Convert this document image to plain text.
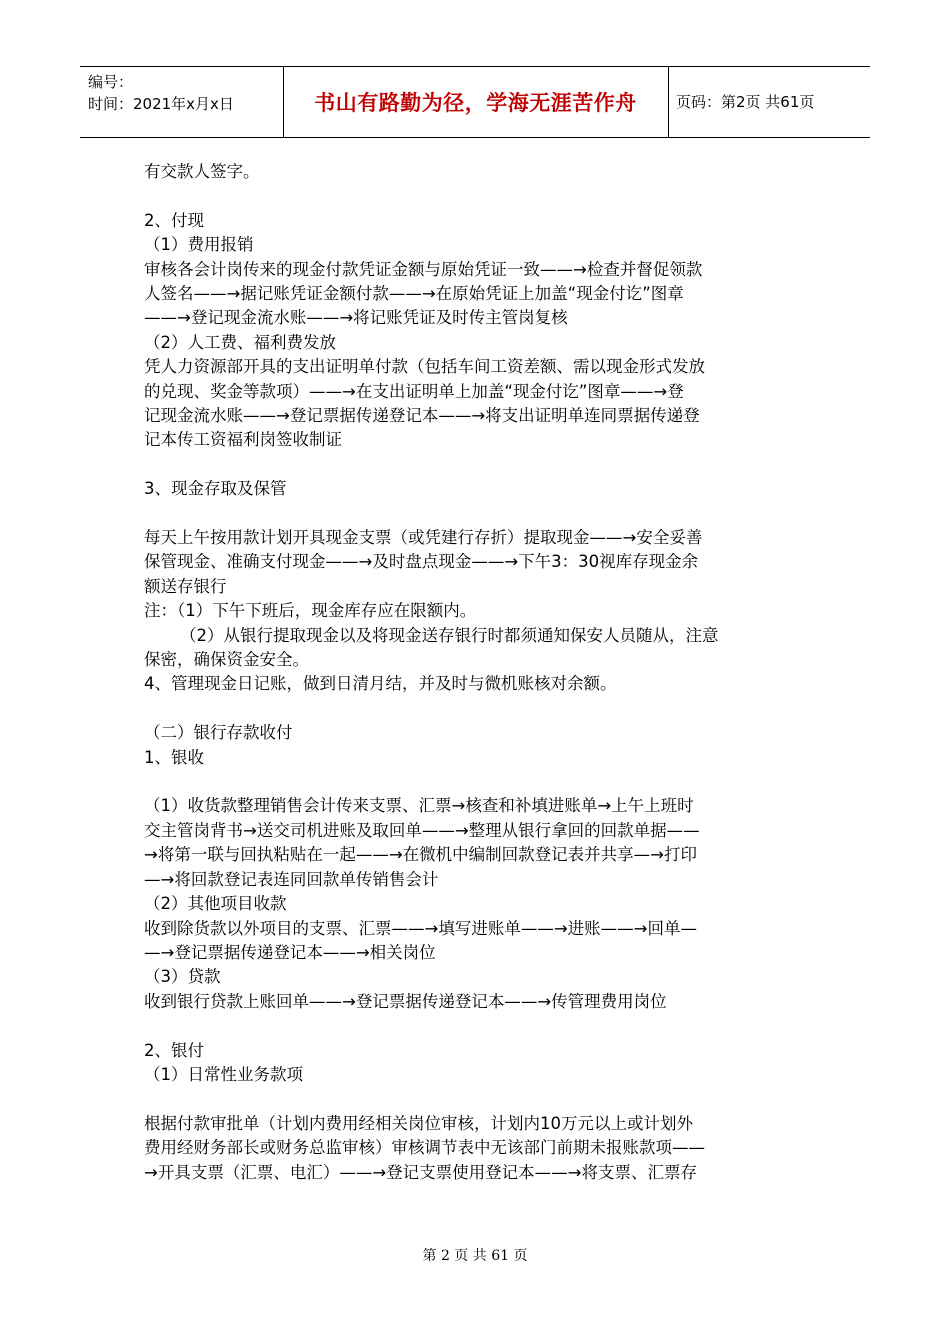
编号：
时间：2021年x月x日	书山有路勤为径，学海无涯苦作舟	页码：第2页 共61页

有交款人签字。

2、付现

（1）费用报销

审核各会计岗传来的现金付款凭证金额与原始凭证一致——→检查并督促领款

人签名——→据记账凭证金额付款——→在原始凭证上加盖“现金付讫”图章

——→登记现金流水账——→将记账凭证及时传主管岗复核

（2）人工费、福利费发放

凭人力资源部开具的支出证明单付款（包括车间工资差额、需以现金形式发放

的兑现、奖金等款项）——→在支出证明单上加盖“现金付讫”图章——→登

记现金流水账——→登记票据传递登记本——→将支出证明单连同票据传递登

记本传工资福利岗签收制证

3、现金存取及保管

每天上午按用款计划开具现金支票（或凭建行存折）提取现金——→安全妥善

保管现金、准确支付现金——→及时盘点现金——→下午3：30视库存现金余

额送存银行

注：（1）下午下班后，现金库存应在限额内。

（2）从银行提取现金以及将现金送存银行时都须通知保安人员随从，注意

保密，确保资金安全。

4、管理现金日记账，做到日清月结，并及时与微机账核对余额。

（二）银行存款收付

1、银收

（1）收货款整理销售会计传来支票、汇票→核查和补填进账单→上午上班时

交主管岗背书→送交司机进账及取回单——→整理从银行拿回的回款单据——

→将第一联与回执粘贴在一起——→在微机中编制回款登记表并共享—→打印

—→将回款登记表连同回款单传销售会计

（2）其他项目收款

收到除货款以外项目的支票、汇票——→填写进账单——→进账——→回单—

—→登记票据传递登记本——→相关岗位

（3）贷款

收到银行贷款上账回单——→登记票据传递登记本——→传管理费用岗位

2、银付

（1）日常性业务款项

根据付款审批单（计划内费用经相关岗位审核，计划内10万元以上或计划外

费用经财务部长或财务总监审核）审核调节表中无该部门前期未报账款项——

→开具支票（汇票、电汇）——→登记支票使用登记本——→将支票、汇票存

第 2 页 共 61 页
